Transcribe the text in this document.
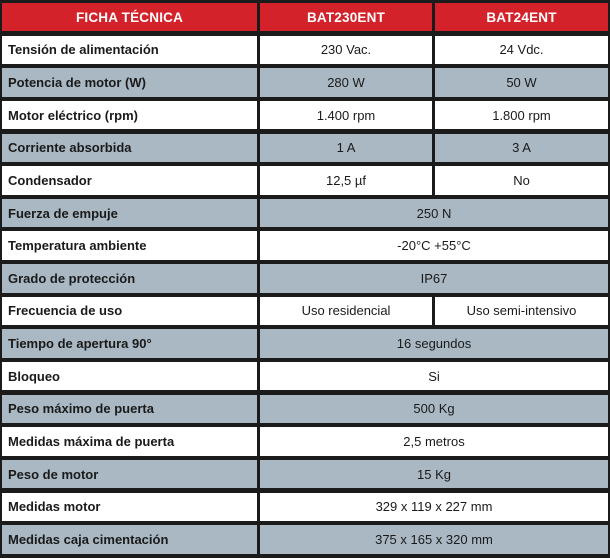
FICHA TÉCNICA	BAT230ENT	BAT24ENT
Tensión de alimentación	230 Vac.	24 Vdc.
Potencia de motor (W)	280 W	50 W
Motor eléctrico (rpm)	1.400 rpm	1.800 rpm
Corriente absorbida	1 A	3 A
Condensador	12,5 µf	No
Fuerza de empuje	250 N
Temperatura ambiente	-20°C +55°C
Grado de protección	IP67
Frecuencia de uso	Uso residencial	Uso semi-intensivo
Tiempo de apertura 90°	16 segundos
Bloqueo	Si
Peso máximo de puerta	500 Kg
Medidas máxima de puerta	2,5 metros
Peso de motor	15 Kg
Medidas motor	329 x 119 x 227 mm
Medidas caja cimentación	375 x 165 x 320 mm
